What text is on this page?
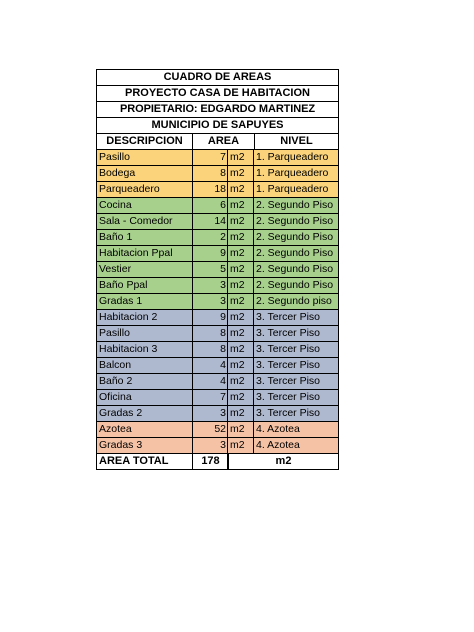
CUADRO DE AREAS
PROYECTO CASA DE HABITACION
PROPIETARIO: EDGARDO MARTINEZ
MUNICIPIO DE SAPUYES
DESCRIPCION	AREA	NIVEL
Pasillo	7 m2	1. Parqueadero
Bodega	8 m2	1. Parqueadero
Parqueadero	18 m2	1. Parqueadero
Cocina	6 m2	2. Segundo Piso
Sala - Comedor	14 m2	2. Segundo Piso
Baño 1	2 m2	2. Segundo Piso
Habitacion Ppal	9 m2	2. Segundo Piso
Vestier	5 m2	2. Segundo Piso
Baño Ppal	3 m2	2. Segundo Piso
Gradas 1	3 m2	2. Segundo piso
Habitacion 2	9 m2	3. Tercer Piso
Pasillo	8 m2	3. Tercer Piso
Habitacion 3	8 m2	3. Tercer Piso
Balcon	4 m2	3. Tercer Piso
Baño 2	4 m2	3. Tercer Piso
Oficina	7 m2	3. Tercer Piso
Gradas 2	3 m2	3. Tercer Piso
Azotea	52 m2	4. Azotea
Gradas 3	3 m2	4. Azotea
AREA TOTAL	178	m2
